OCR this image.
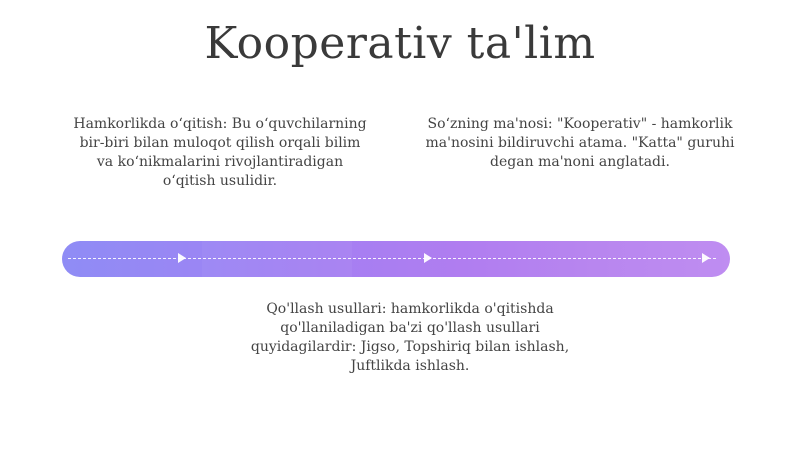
Kooperativ ta'lim

Hamkorlikda o‘qitish: Bu o‘quvchilarning bir-biri bilan muloqot qilish orqali bilim va ko‘nikmalarini rivojlantiradigan o‘qitish usulidir.

So‘zning ma'nosi: "Kooperativ" - hamkorlik ma'nosini bildiruvchi atama. "Katta" guruhi degan ma'noni anglatadi.

Qo'llash usullari: hamkorlikda o'qitishda qo'llaniladigan ba'zi qo'llash usullari quyidagilardir: Jigso, Topshiriq bilan ishlash, Juftlikda ishlash.
